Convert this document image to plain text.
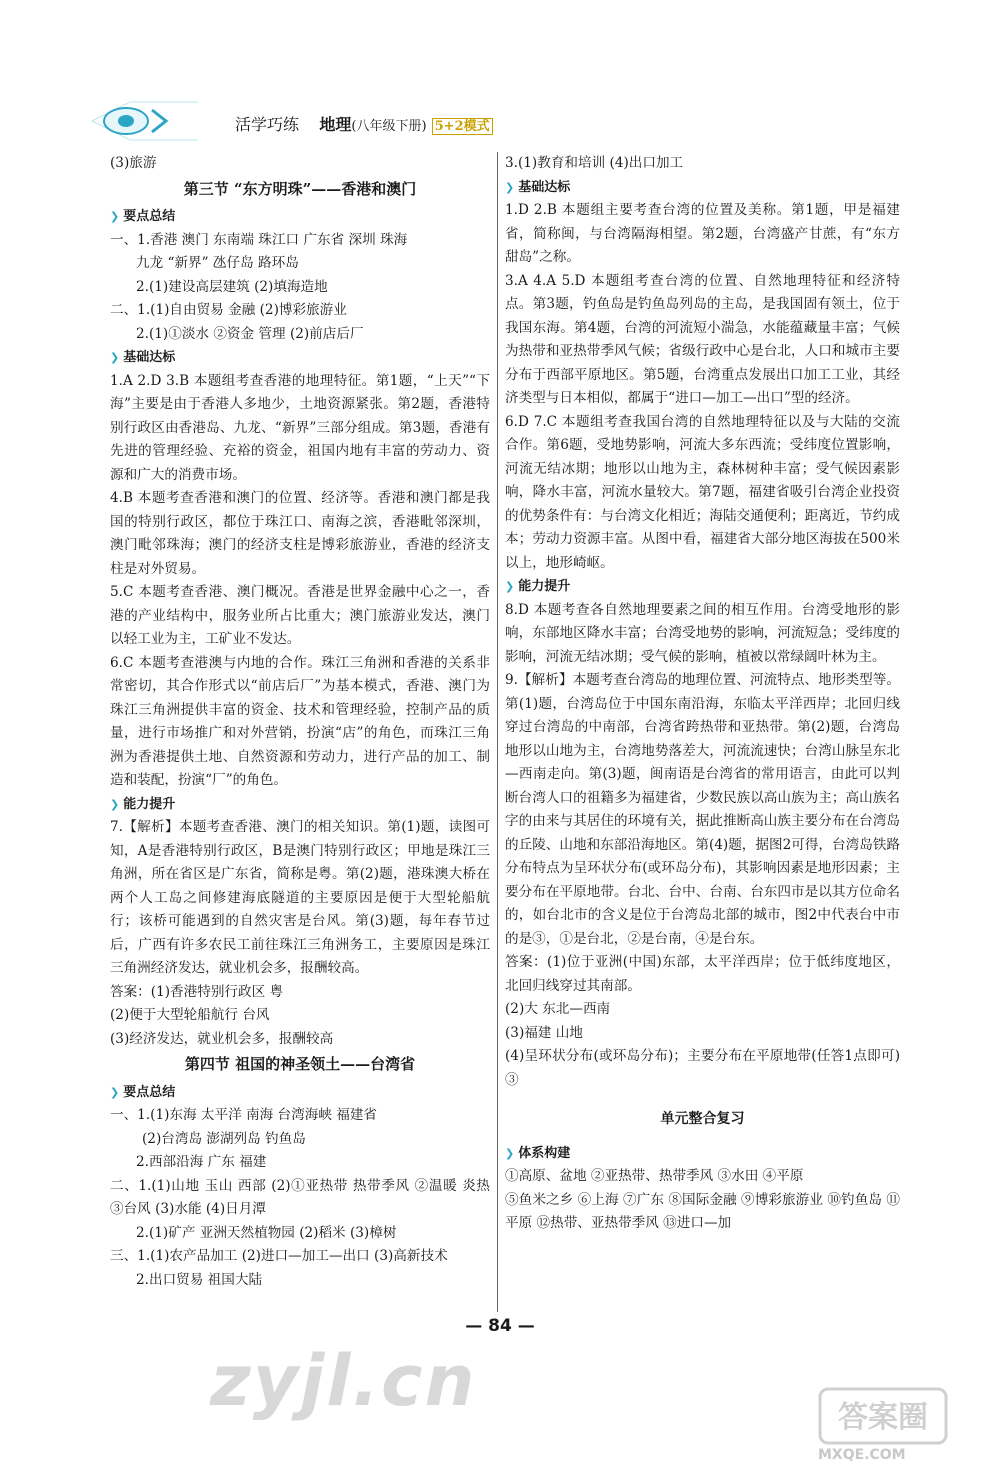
活学巧练 地理(八年级下册) 5+2模式

(3)旅游

第三节 “东方明珠”——香港和澳门
❯ 要点总结

一、1.香港 澳门 东南端 珠江口 广东省 深圳 珠海

九龙 “新界” 氹仔岛 路环岛

2.(1)建设高层建筑 (2)填海造地

二、1.(1)自由贸易 金融 (2)博彩旅游业

2.(1)①淡水 ②资金 管理 (2)前店后厂

❯ 基础达标

1.A 2.D 3.B 本题组考查香港的地理特征。第1题，“上天”“下海”主要是由于香港人多地少，土地资源紧张。第2题，香港特别行政区由香港岛、九龙、“新界”三部分组成。第3题，香港有先进的管理经验、充裕的资金，祖国内地有丰富的劳动力、资源和广大的消费市场。

4.B 本题考查香港和澳门的位置、经济等。香港和澳门都是我国的特别行政区，都位于珠江口、南海之滨，香港毗邻深圳，澳门毗邻珠海；澳门的经济支柱是博彩旅游业，香港的经济支柱是对外贸易。

5.C 本题考查香港、澳门概况。香港是世界金融中心之一，香港的产业结构中，服务业所占比重大；澳门旅游业发达，澳门以轻工业为主，工矿业不发达。

6.C 本题考查港澳与内地的合作。珠江三角洲和香港的关系非常密切，其合作形式以“前店后厂”为基本模式，香港、澳门为珠江三角洲提供丰富的资金、技术和管理经验，控制产品的质量，进行市场推广和对外营销，扮演“店”的角色，而珠江三角洲为香港提供土地、自然资源和劳动力，进行产品的加工、制造和装配，扮演“厂”的角色。

❯ 能力提升

7.【解析】本题考查香港、澳门的相关知识。第(1)题，读图可知，A是香港特别行政区，B是澳门特别行政区；甲地是珠江三角洲，所在省区是广东省，简称是粤。第(2)题，港珠澳大桥在两个人工岛之间修建海底隧道的主要原因是便于大型轮船航行；该桥可能遇到的自然灾害是台风。第(3)题，每年春节过后，广西有许多农民工前往珠江三角洲务工，主要原因是珠江三角洲经济发达，就业机会多，报酬较高。

答案：(1)香港特别行政区 粤

(2)便于大型轮船航行 台风

(3)经济发达，就业机会多，报酬较高

第四节 祖国的神圣领土——台湾省
❯ 要点总结

一、1.(1)东海 太平洋 南海 台湾海峡 福建省

(2)台湾岛 澎湖列岛 钓鱼岛

2.西部沿海 广东 福建

二、1.(1)山地 玉山 西部 (2)①亚热带 热带季风 ②温暖 炎热 ③台风 (3)水能 (4)日月潭

2.(1)矿产 亚洲天然植物园 (2)稻米 (3)樟树

三、1.(1)农产品加工 (2)进口—加工—出口 (3)高新技术

2.出口贸易 祖国大陆

3.(1)教育和培训 (4)出口加工

❯ 基础达标

1.D 2.B 本题组主要考查台湾的位置及美称。第1题，甲是福建省，简称闽，与台湾隔海相望。第2题，台湾盛产甘蔗，有“东方甜岛”之称。

3.A 4.A 5.D 本题组考查台湾的位置、自然地理特征和经济特点。第3题，钓鱼岛是钓鱼岛列岛的主岛，是我国固有领土，位于我国东海。第4题，台湾的河流短小湍急，水能蕴藏量丰富；气候为热带和亚热带季风气候；省级行政中心是台北，人口和城市主要分布于西部平原地区。第5题，台湾重点发展出口加工工业，其经济类型与日本相似，都属于“进口—加工—出口”型的经济。

6.D 7.C 本题组考查我国台湾的自然地理特征以及与大陆的交流合作。第6题，受地势影响，河流大多东西流；受纬度位置影响，河流无结冰期；地形以山地为主，森林树种丰富；受气候因素影响，降水丰富，河流水量较大。第7题，福建省吸引台湾企业投资的优势条件有：与台湾文化相近；海陆交通便利；距离近，节约成本；劳动力资源丰富。从图中看，福建省大部分地区海拔在500米以上，地形崎岖。

❯ 能力提升

8.D 本题考查各自然地理要素之间的相互作用。台湾受地形的影响，东部地区降水丰富；台湾受地势的影响，河流短急；受纬度的影响，河流无结冰期；受气候的影响，植被以常绿阔叶林为主。

9.【解析】本题考查台湾岛的地理位置、河流特点、地形类型等。第(1)题，台湾岛位于中国东南沿海，东临太平洋西岸；北回归线穿过台湾岛的中南部，台湾省跨热带和亚热带。第(2)题，台湾岛地形以山地为主，台湾地势落差大，河流流速快；台湾山脉呈东北—西南走向。第(3)题，闽南语是台湾省的常用语言，由此可以判断台湾人口的祖籍多为福建省，少数民族以高山族为主；高山族名字的由来与其居住的环境有关，据此推断高山族主要分布在台湾岛的丘陵、山地和东部沿海地区。第(4)题，据图2可得，台湾岛铁路分布特点为呈环状分布(或环岛分布)，其影响因素是地形因素；主要分布在平原地带。台北、台中、台南、台东四市是以其方位命名的，如台北市的含义是位于台湾岛北部的城市，图2中代表台中市的是③，①是台北，②是台南，④是台东。

答案：(1)位于亚洲(中国)东部，太平洋西岸；位于低纬度地区，北回归线穿过其南部。

(2)大 东北—西南

(3)福建 山地

(4)呈环状分布(或环岛分布)；主要分布在平原地带(任答1点即可) ③

单元整合复习
❯ 体系构建

①高原、盆地 ②亚热带、热带季风 ③水田 ④平原

⑤鱼米之乡 ⑥上海 ⑦广东 ⑧国际金融 ⑨博彩旅游业 ⑩钓鱼岛 ⑪平原 ⑫热带、亚热带季风 ⑬进口—加

— 84 —
zyjl.cn	答案圈
MXQE.COM
